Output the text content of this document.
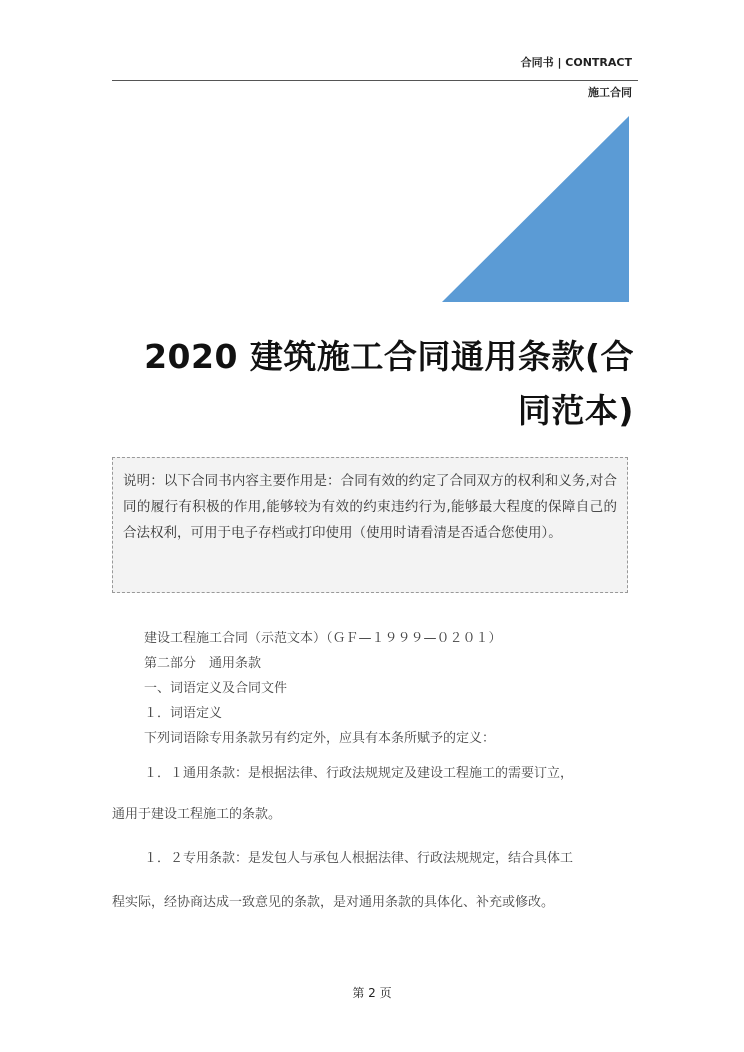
合同书 | CONTRACT
施工合同
2020 建筑施工合同通用条款(合同范本)
说明：以下合同书内容主要作用是：合同有效的约定了合同双方的权利和义务,对合同的履行有积极的作用,能够较为有效的约束违约行为,能够最大程度的保障自己的合法权利，可用于电子存档或打印使用（使用时请看清是否适合您使用）。
建设工程施工合同（示范文本）（ＧＦ—１９９９—０２０１）
第二部分　通用条款
一、词语定义及合同文件
１．词语定义
下列词语除专用条款另有约定外，应具有本条所赋予的定义：
１．１通用条款：是根据法律、行政法规规定及建设工程施工的需要订立，
通用于建设工程施工的条款。
１．２专用条款：是发包人与承包人根据法律、行政法规规定，结合具体工
程实际，经协商达成一致意见的条款，是对通用条款的具体化、补充或修改。
第 2 页
